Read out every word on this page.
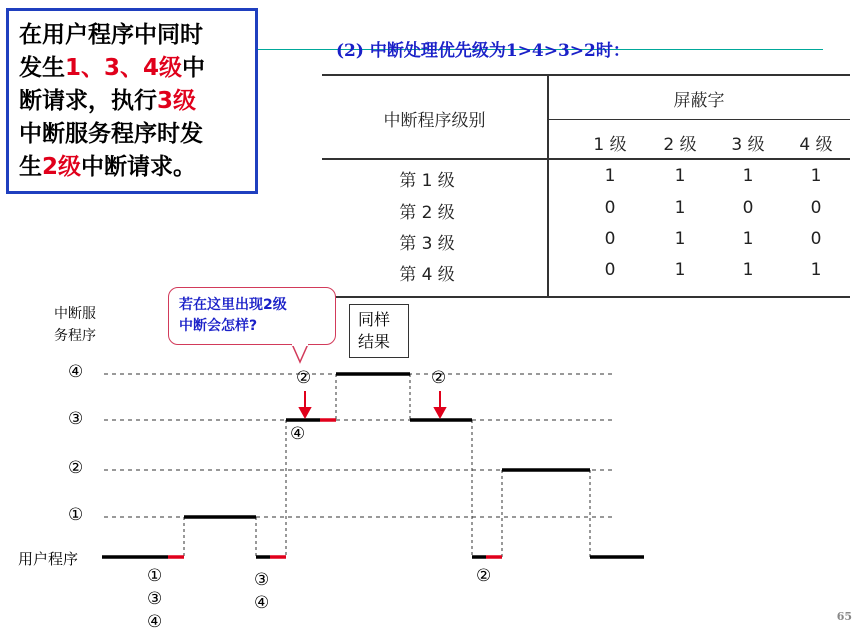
在用户程序中同时
发生1、3、4级中
断请求，执行3级
中断服务程序时发
生2级中断请求。
(2) 中断处理优先级为1>4>3>2时：
中断程序级别
屏蔽字
1 级	2 级	3 级	4 级
第 1 级	1	1	1	1
第 2 级	0	1	0	0
第 3 级	0	1	1	0
第 4 级	0	1	1	1
若在这里出现2级
中断会怎样?	同样
结果
中断服
务程序
④
③
②
①
用户程序
①
③
④
③
④
②
②
④
②
65
